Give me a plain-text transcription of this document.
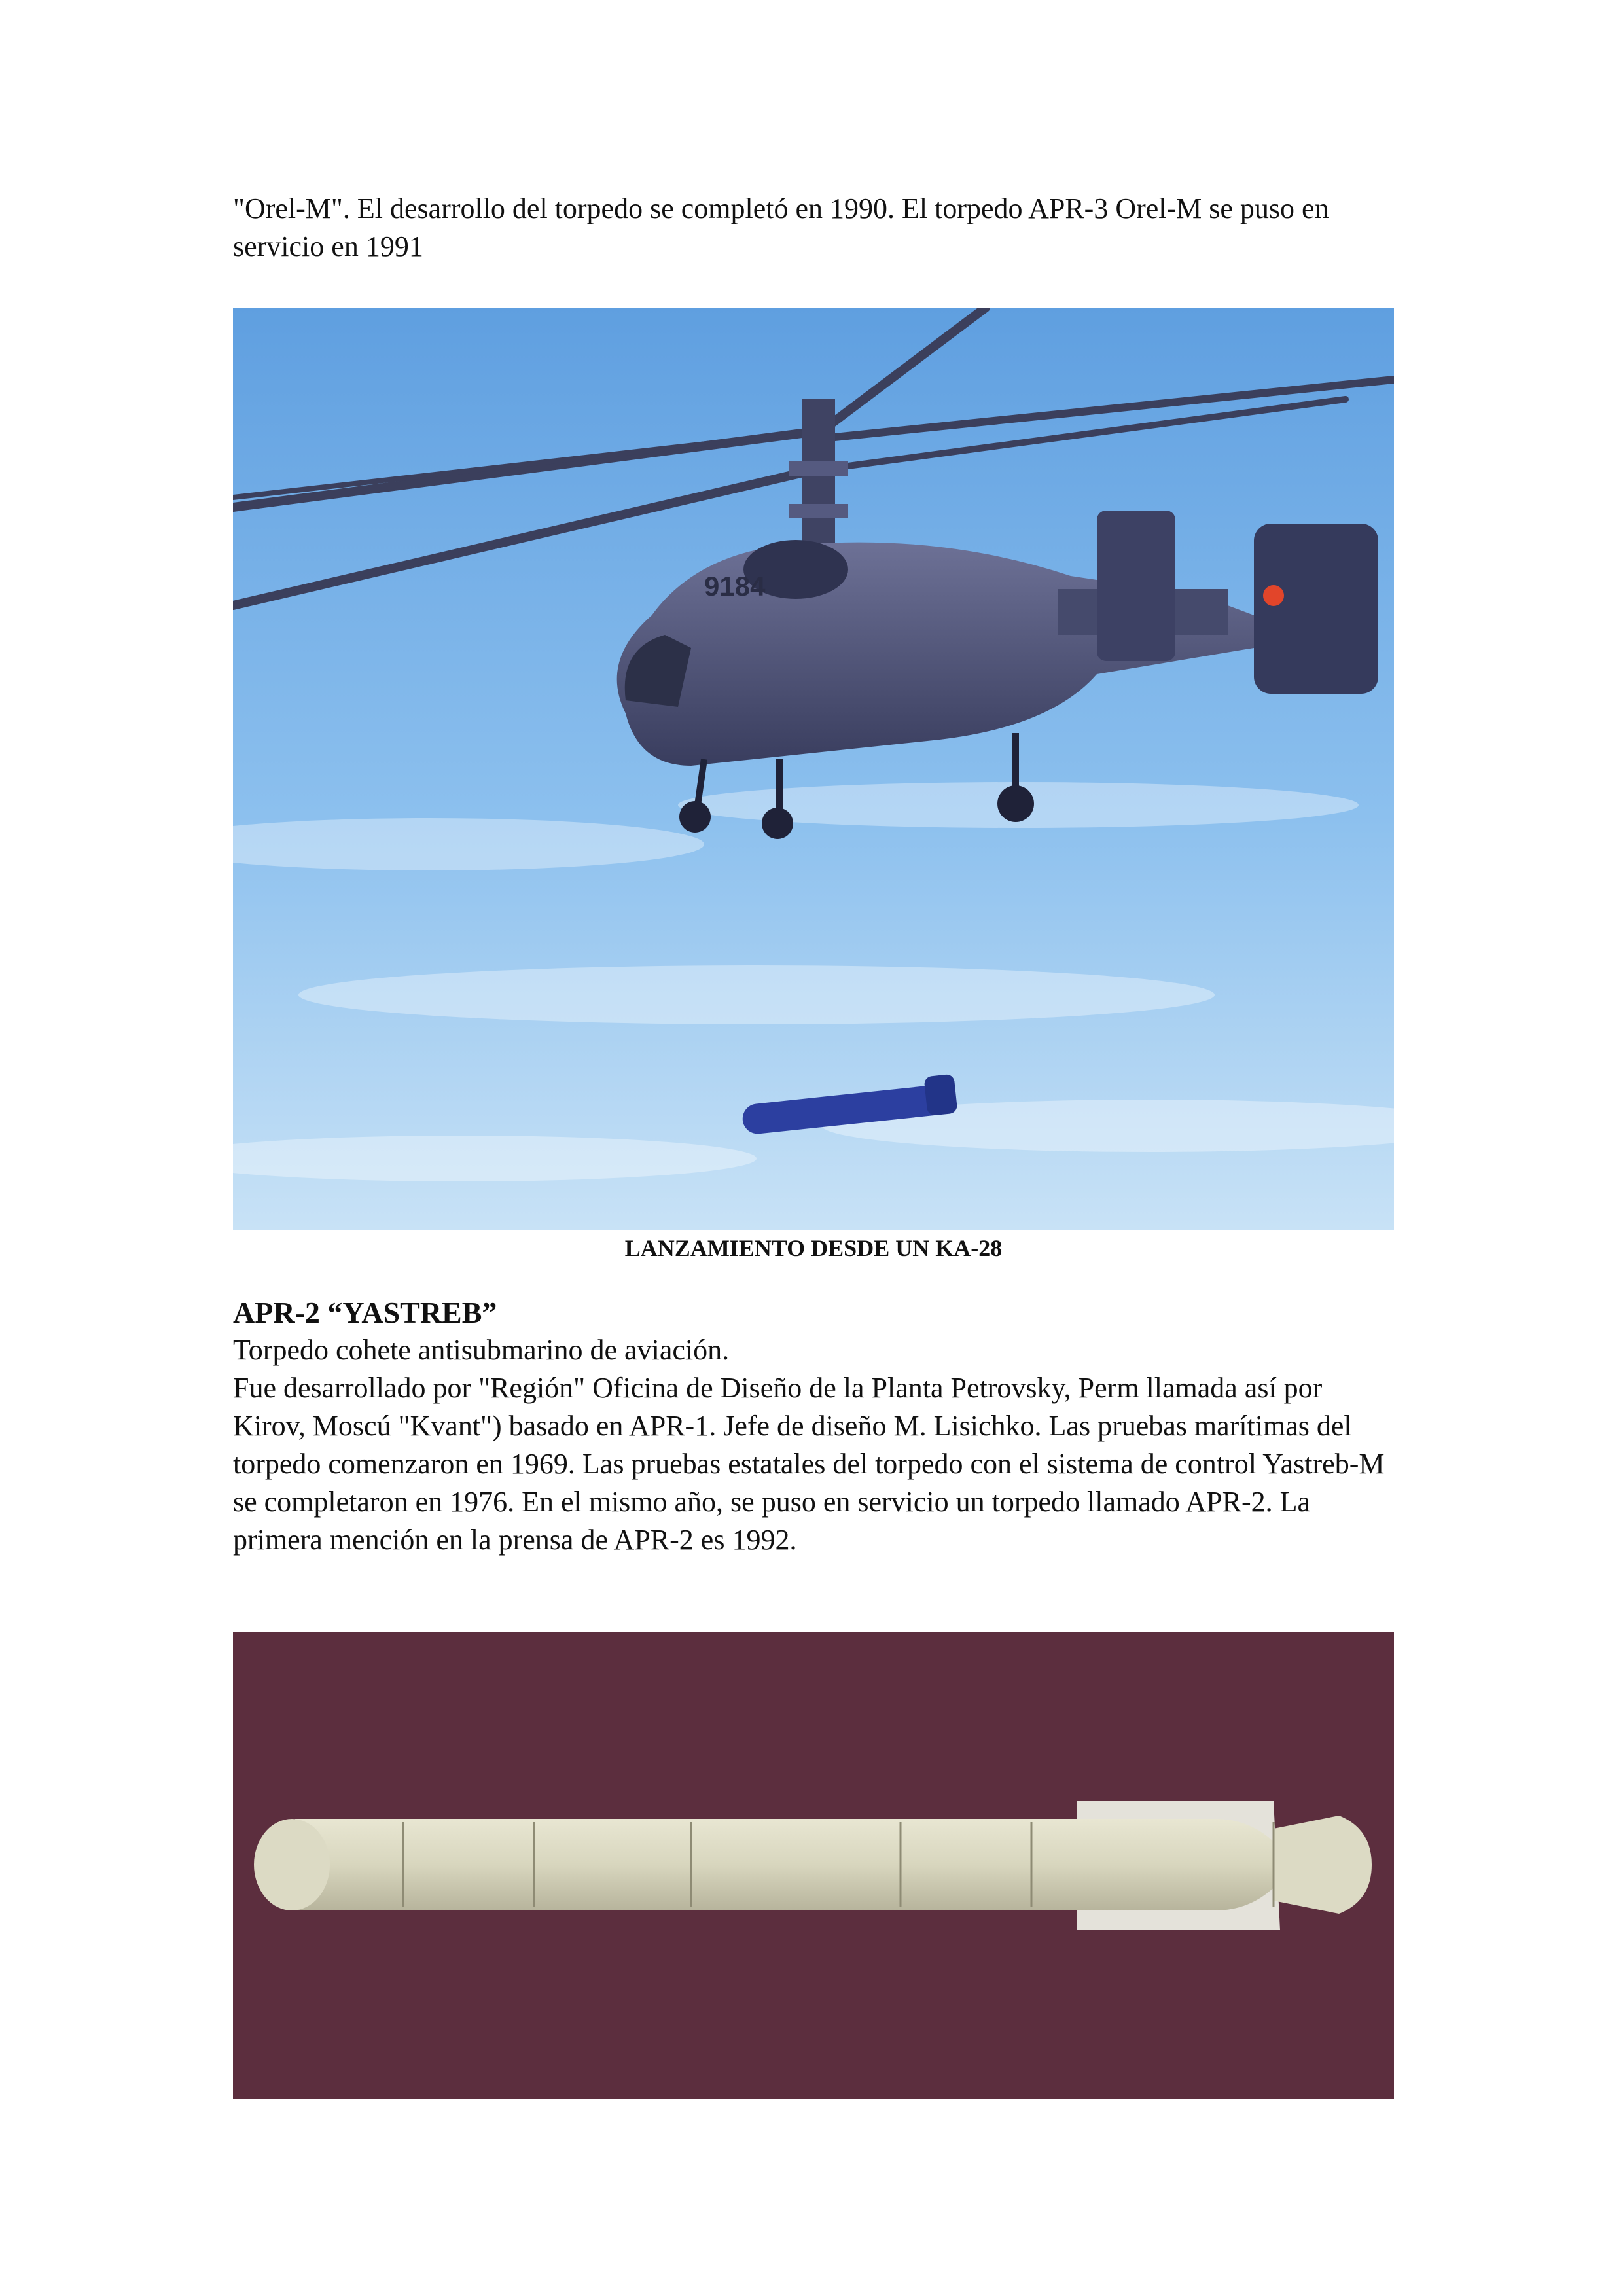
"Orel-M". El desarrollo del torpedo se completó en 1990. El torpedo APR-3 Orel-M se puso en servicio en 1991

9184

LANZAMIENTO DESDE UN KA-28

APR-2 “YASTREB”

Torpedo cohete antisubmarino de aviación.

Fue desarrollado por "Región" Oficina de Diseño de la Planta Petrovsky, Perm llamada así por Kirov, Moscú "Kvant") basado en APR-1. Jefe de diseño M. Lisichko. Las pruebas marítimas del torpedo comenzaron en 1969. Las pruebas estatales del torpedo con el sistema de control Yastreb-M se completaron en 1976. En el mismo año, se puso en servicio un torpedo llamado APR-2. La primera mención en la prensa de APR-2 es 1992.
